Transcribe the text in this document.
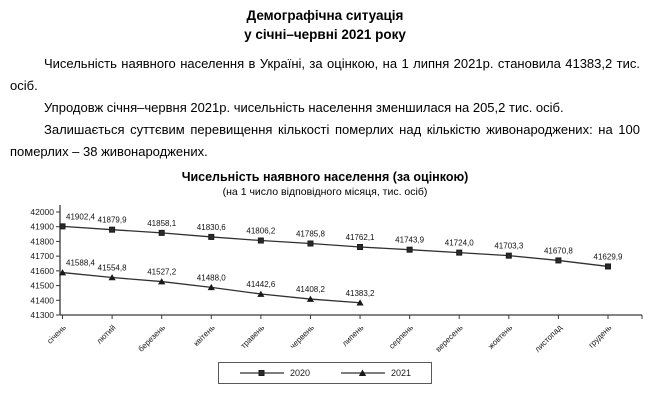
Демографічна ситуація
у січні–червні 2021 року

Чисельність наявного населення в Україні, за оцінкою, на 1 липня 2021р. становила 41383,2 тис. осіб.

Упродовж січня–червня 2021р. чисельність населення зменшилася на 205,2 тис. осіб.

Залишається суттєвим перевищення кількості померлих над кількістю живонароджених: на 100 померлих – 38 живонароджених.

Чисельність наявного населення (за оцінкою)
(на 1 число відповідного місяця, тис. осіб)
41300
41400
41500
41600
41700
41800
41900
42000
січень	лютий березень	квітень	травень	червень	липень	серпень вересень	жовтень листопад	грудень
41902,4 41879,9	41858,1	41830,6	41806,2	41785,8	41762,1	41743,9	41724,0	41703,3
41670,8
41629,9
41588,4
41554,8	41527,2
41488,0
41442,6
41408,2	41383,2
2020	2021
